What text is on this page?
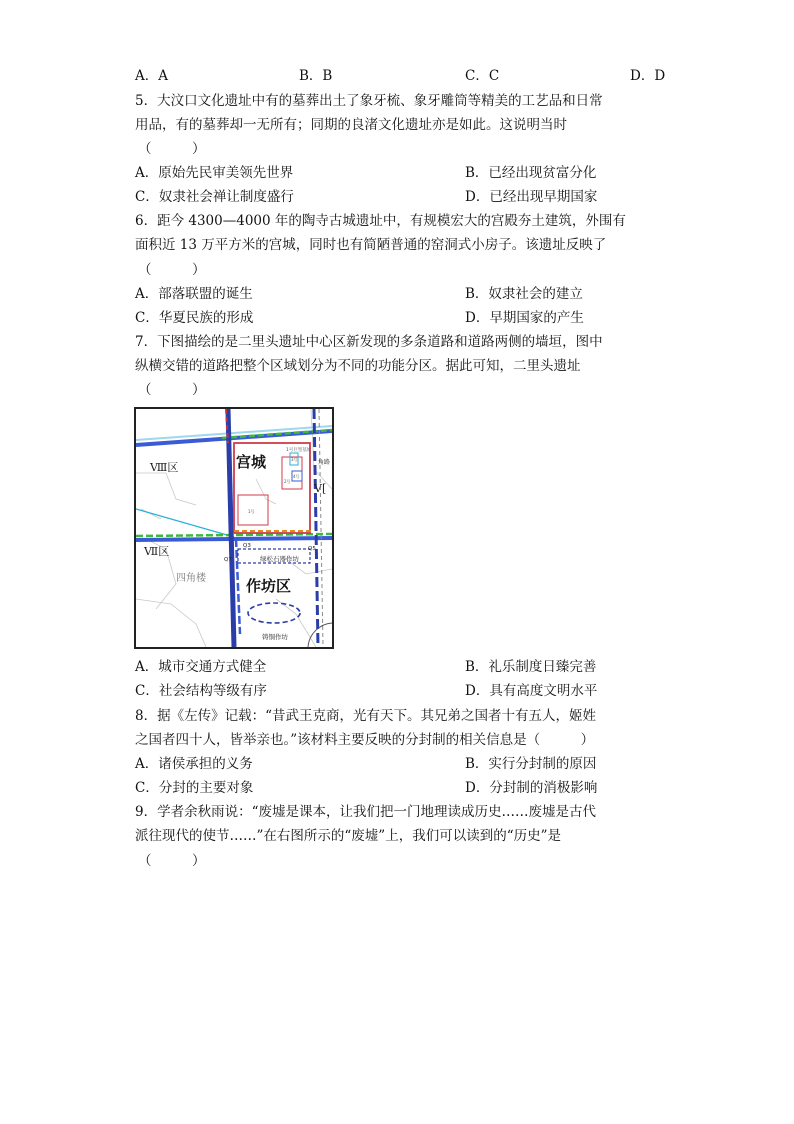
A．A	B．B	C．C	D．D
5．大汶口文化遗址中有的墓葬出土了象牙梳、象牙雕筒等精美的工艺品和日常
用品，有的墓葬却一无所有；同期的良渚文化遗址亦是如此。这说明当时
（　　　）
A．原始先民审美领先世界	B．已经出现贫富分化
C．奴隶社会禅让制度盛行	D．已经出现早期国家
6．距今 4300—4000 年的陶寺古城遗址中，有规模宏大的宫殿夯土建筑，外围有
面积近 13 万平方米的宫城，同时也有简陋普通的窑洞式小房子。该遗址反映了
（　　　）
A．部落联盟的诞生	B．奴隶社会的建立
C．华夏民族的形成	D．早期国家的产生
7．下图描绘的是二里头遗址中心区新发现的多条道路和道路两侧的墙垣，图中
纵横交错的道路把整个区域划分为不同的功能分区。据此可知，二里头遗址
（　　　）
Ⅷ区
Ⅶ区
Ⅴ[
宫城
作坊区
四角楼
绿松石器作坊
铸铜作坊
1号巨型基址
角路
1号
2号
3号
4号
Q3	Q5
Q7
A．城市交通方式健全	B．礼乐制度日臻完善
C．社会结构等级有序	D．具有高度文明水平
8．据《左传》记载：“昔武王克商，光有天下。其兄弟之国者十有五人，姬姓
之国者四十人，皆举亲也。”该材料主要反映的分封制的相关信息是（　　　）
A．诸侯承担的义务	B．实行分封制的原因
C．分封的主要对象	D．分封制的消极影响
9．学者余秋雨说：“废墟是课本，让我们把一门地理读成历史……废墟是古代
派往现代的使节……”在右图所示的“废墟”上，我们可以读到的“历史”是
（　　　）
